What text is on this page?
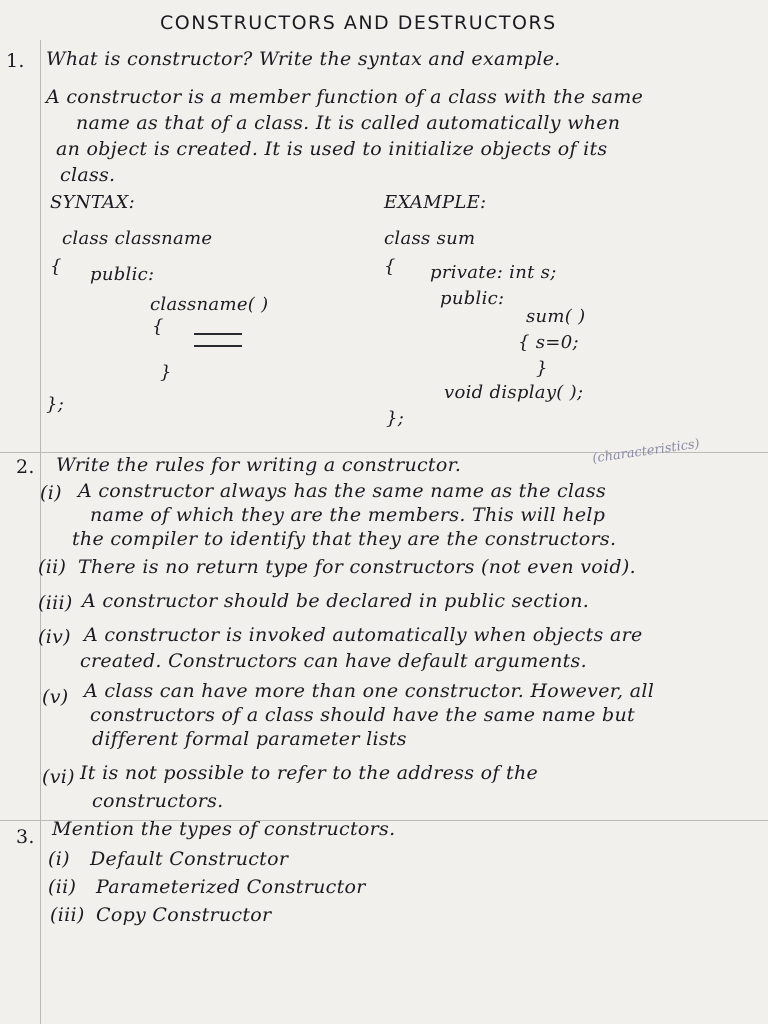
CONSTRUCTORS AND DESTRUCTORS
1. What is constructor? Write the syntax and example.
A constructor is a member function of a class with the same
name as that of a class. It is called automatically when
an object is created. It is used to initialize objects of its
class.
SYNTAX:	EXAMPLE:
class classname
{ public:
classname( )
{
}
};
class sum
{ private: int s;
public:
sum( )
{ s=0;
}
void display( );
};
2. Write the rules for writing a constructor.	(characteristics)
(i) A constructor always has the same name as the class
name of which they are the members. This will help
the compiler to identify that they are the constructors.
(ii) There is no return type for constructors (not even void).
(iii) A constructor should be declared in public section.
(iv) A constructor is invoked automatically when objects are
created. Constructors can have default arguments.
(v) A class can have more than one constructor. However, all
constructors of a class should have the same name but
different formal parameter lists
(vi) It is not possible to refer to the address of the
constructors.
3. Mention the types of constructors.
(i) Default Constructor
(ii) Parameterized Constructor
(iii) Copy Constructor
